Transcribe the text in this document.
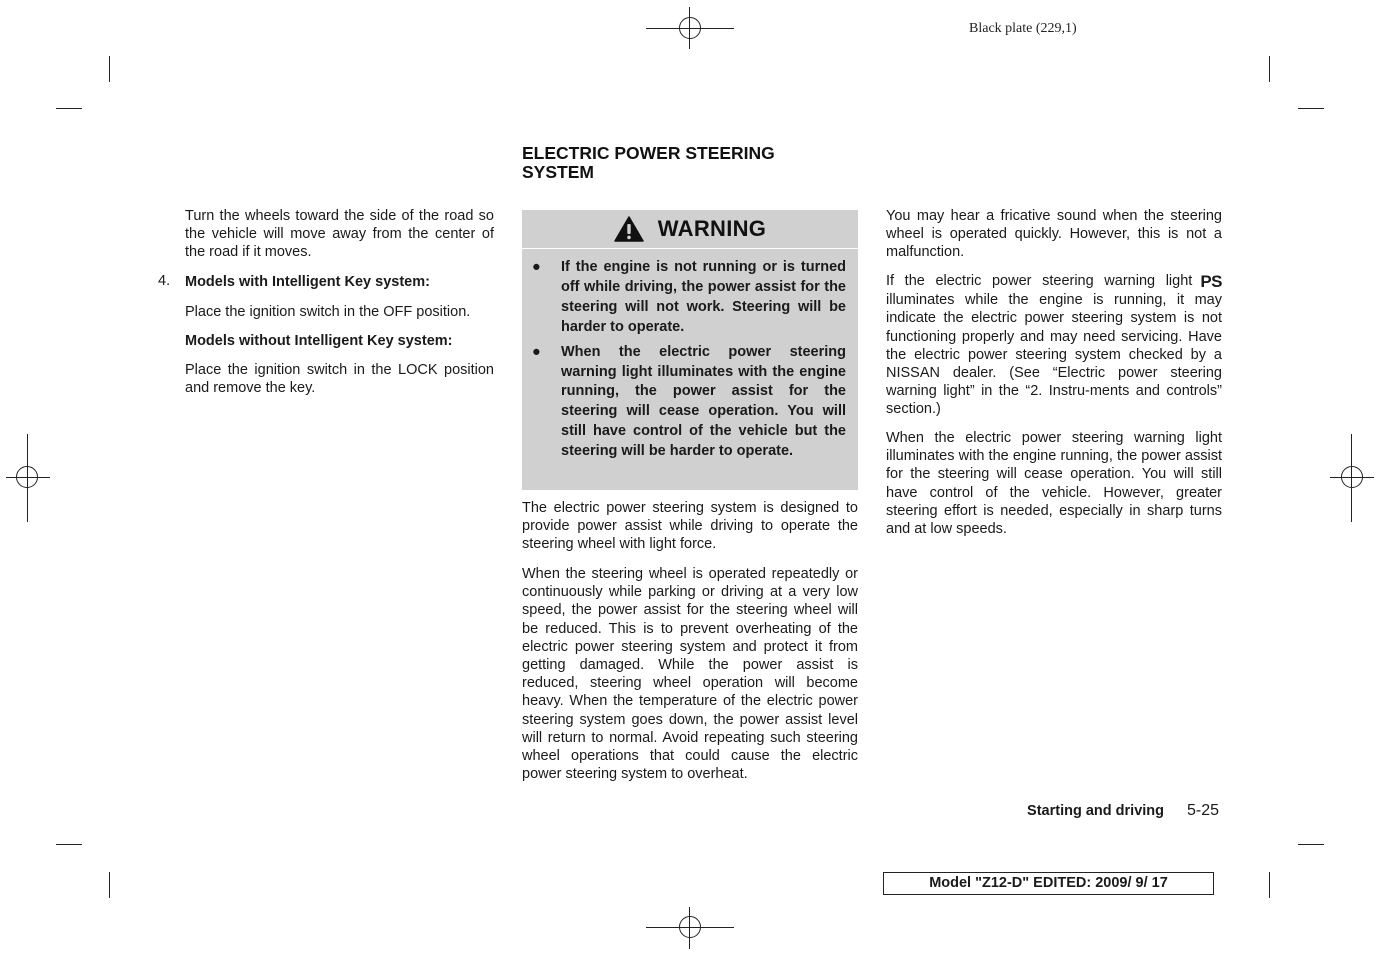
Black plate (229,1)

Turn the wheels toward the side of the road so the vehicle will move away from the center of the road if it moves.

4. Models with Intelligent Key system:

Place the ignition switch in the OFF position.

Models without Intelligent Key system:

Place the ignition switch in the LOCK position and remove the key.

ELECTRIC POWER STEERING
SYSTEM
WARNING
● If the engine is not running or is turned off while driving, the power assist for the steering will not work. Steering will be harder to operate.
● When the electric power steering warning light illuminates with the engine running, the power assist for the steering will cease operation. You will still have control of the vehicle but the steering will be harder to operate.

The electric power steering system is designed to provide power assist while driving to operate the steering wheel with light force.

When the steering wheel is operated repeatedly or continuously while parking or driving at a very low speed, the power assist for the steering wheel will be reduced. This is to prevent overheating of the electric power steering system and protect it from getting damaged. While the power assist is reduced, steering wheel operation will become heavy. When the temperature of the electric power steering system goes down, the power assist level will return to normal. Avoid repeating such steering wheel operations that could cause the electric power steering system to overheat.

You may hear a fricative sound when the steering wheel is operated quickly. However, this is not a malfunction.

If the electric power steering warning light PS illuminates while the engine is running, it may indicate the electric power steering system is not functioning properly and may need servicing. Have the electric power steering system checked by a NISSAN dealer. (See “Electric power steering warning light” in the “2. Instru-ments and controls” section.)

When the electric power steering warning light illuminates with the engine running, the power assist for the steering will cease operation. You will still have control of the vehicle. However, greater steering effort is needed, especially in sharp turns and at low speeds.

Starting and driving 5-25
Model "Z12-D" EDITED: 2009/ 9/ 17
